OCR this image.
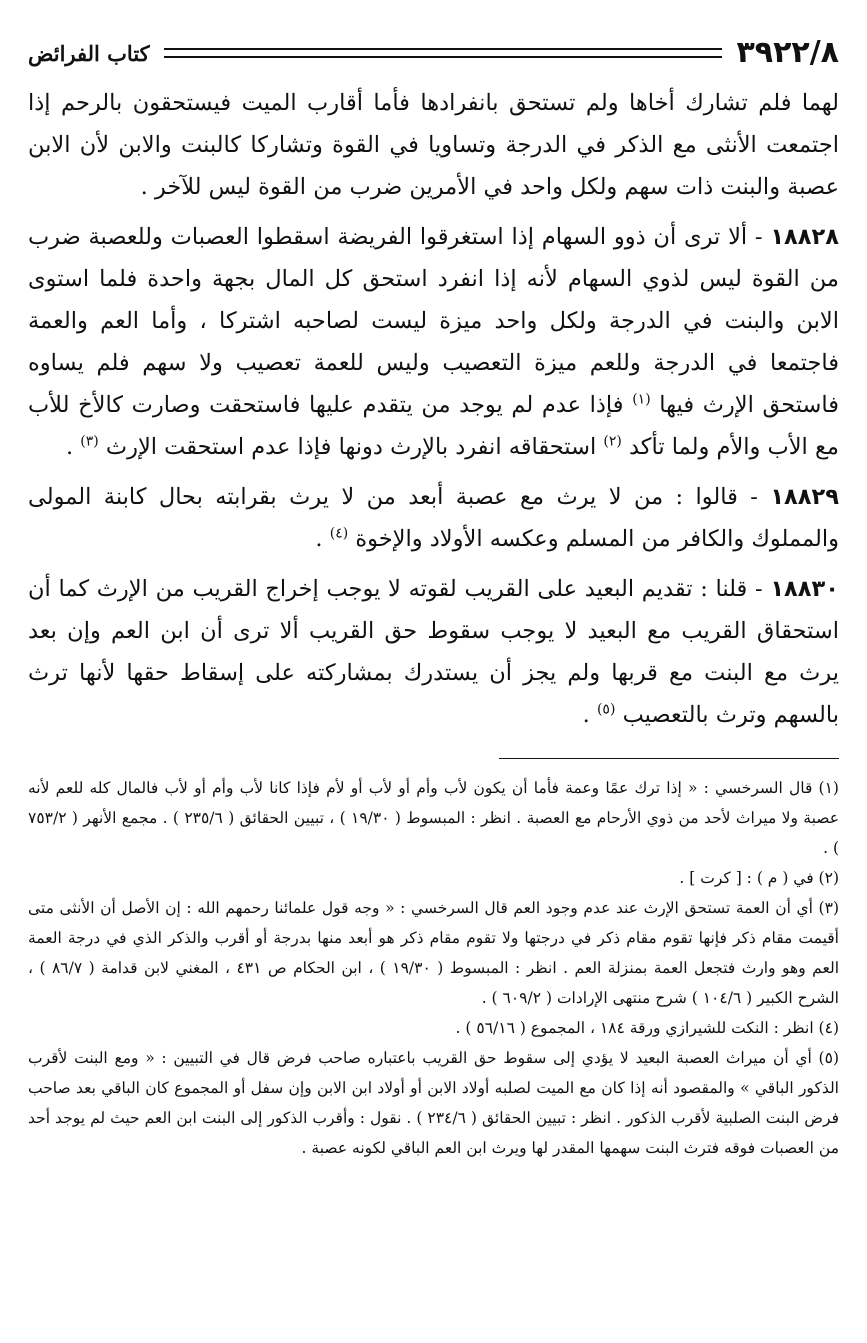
٣٩٢٢/٨
كتاب الفرائض

لهما فلم تشارك أخاها ولم تستحق بانفرادها فأما أقارب الميت فيستحقون بالرحم إذا اجتمعت الأنثى مع الذكر في الدرجة وتساويا في القوة وتشاركا كالبنت والابن لأن الابن عصبة والبنت ذات سهم ولكل واحد في الأمرين ضرب من القوة ليس للآخر .

١٨٨٢٨ - ألا ترى أن ذوو السهام إذا استغرقوا الفريضة اسقطوا العصبات وللعصبة ضرب من القوة ليس لذوي السهام لأنه إذا انفرد استحق كل المال بجهة واحدة فلما استوى الابن والبنت في الدرجة ولكل واحد ميزة ليست لصاحبه اشتركا ، وأما العم والعمة فاجتمعا في الدرجة وللعم ميزة التعصيب وليس للعمة تعصيب ولا سهم فلم يساوه فاستحق الإرث فيها $^{(١)}$ فإذا عدم لم يوجد من يتقدم عليها فاستحقت وصارت كالأخ للأب مع الأب والأم ولما تأكد $^{(٢)}$ استحقاقه انفرد بالإرث دونها فإذا عدم استحقت الإرث $^{(٣)}$ .

١٨٨٢٩ - قالوا : من لا يرث مع عصبة أبعد من لا يرث بقرابته بحال كابنة المولى والمملوك والكافر من المسلم وعكسه الأولاد والإخوة $^{(٤)}$ .

١٨٨٣٠ - قلنا : تقديم البعيد على القريب لقوته لا يوجب إخراج القريب من الإرث كما أن استحقاق القريب مع البعيد لا يوجب سقوط حق القريب ألا ترى أن ابن العم وإن بعد يرث مع البنت مع قربها ولم يجز أن يستدرك بمشاركته على إسقاط حقها لأنها ترث بالسهم وترث بالتعصيب $^{(٥)}$ .

(١) قال السرخسي : « إذا ترك عمًا وعمة فأما أن يكون لأب وأم أو لأب أو لأم فإذا كانا لأب وأم أو لأب فالمال كله للعم لأنه عصبة ولا ميراث لأحد من ذوي الأرحام مع العصبة . انظر : المبسوط ( ١٩/٣٠ ) ، تبيين الحقائق ( ٢٣٥/٦ ) . مجمع الأنهر ( ٧٥٣/٢ ) .

(٢) في ( م ) : [ كرت ] .

(٣) أي أن العمة تستحق الإرث عند عدم وجود العم قال السرخسي : « وجه قول علمائنا رحمهم الله : إن الأصل أن الأنثى متى أقيمت مقام ذكر فإنها تقوم مقام ذكر في درجتها ولا تقوم مقام ذكر هو أبعد منها بدرجة أو أقرب والذكر الذي في درجة العمة العم وهو وارث فتجعل العمة بمنزلة العم . انظر : المبسوط ( ١٩/٣٠ ) ، ابن الحكام ص ٤٣١ ، المغني لابن قدامة ( ٨٦/٧ ) ، الشرح الكبير ( ١٠٤/٦ ) شرح منتهى الإرادات ( ٦٠٩/٢ ) .

(٤) انظر : النكت للشيرازي ورقة ١٨٤ ، المجموع ( ٥٦/١٦ ) .

(٥) أي أن ميراث العصبة البعيد لا يؤدي إلى سقوط حق القريب باعتباره صاحب فرض قال في التبيين : « ومع البنت لأقرب الذكور الباقي » والمقصود أنه إذا كان مع الميت لصلبه أولاد الابن أو أولاد ابن الابن وإن سفل أو المجموع كان الباقي بعد صاحب فرض البنت الصلبية لأقرب الذكور . انظر : تبيين الحقائق ( ٢٣٤/٦ ) . نقول : وأقرب الذكور إلى البنت ابن العم حيث لم يوجد أحد من العصبات فوقه فترث البنت سهمها المقدر لها ويرث ابن العم الباقي لكونه عصبة .
